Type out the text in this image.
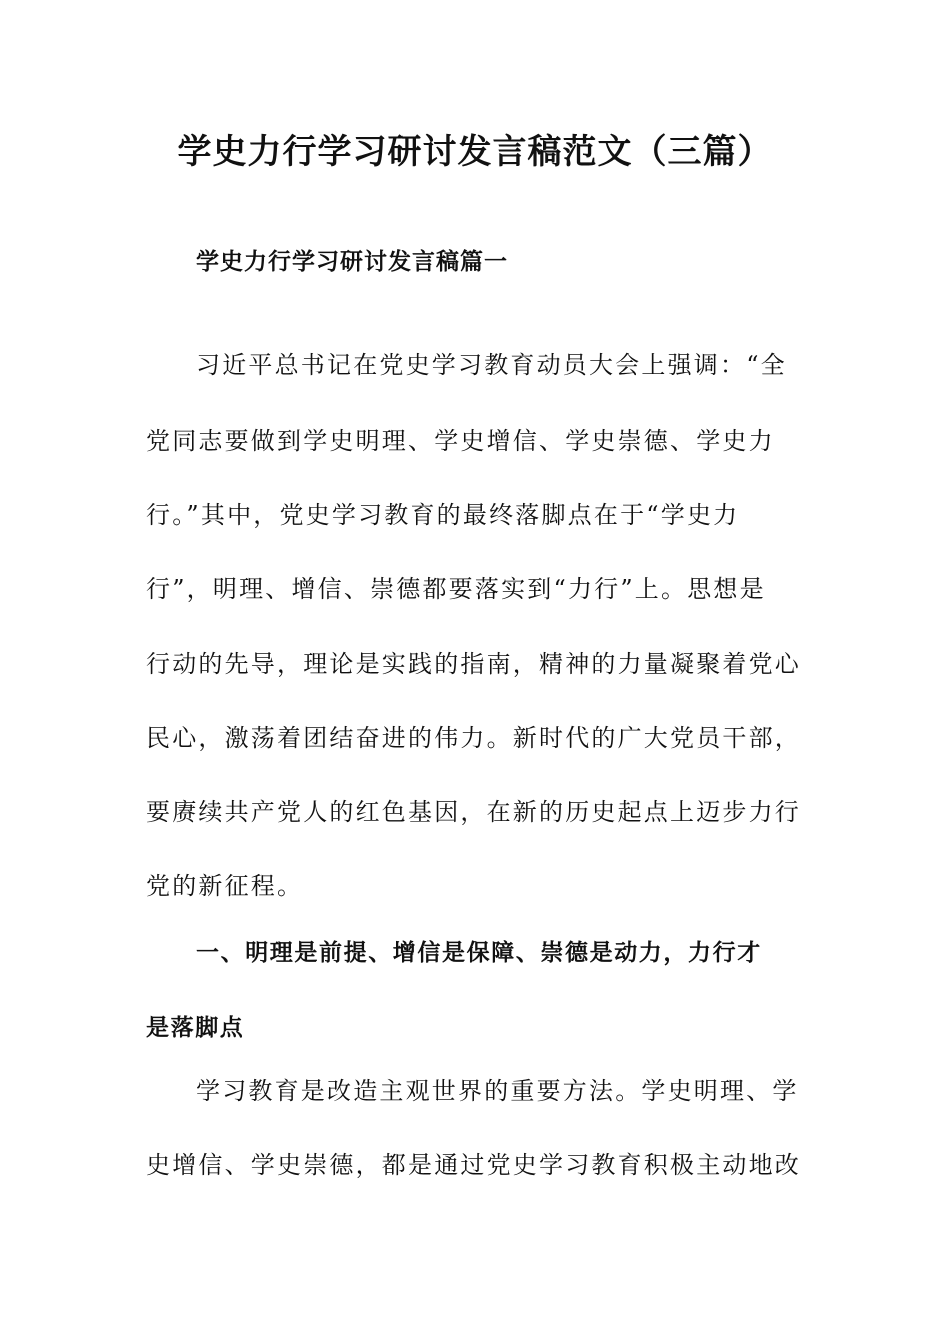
学史力行学习研讨发言稿范文（三篇）
学史力行学习研讨发言稿篇一
习近平总书记在党史学习教育动员大会上强调：“全
党同志要做到学史明理、学史增信、学史崇德、学史力
行。”其中，党史学习教育的最终落脚点在于“学史力
行”，明理、增信、崇德都要落实到“力行”上。思想是
行动的先导，理论是实践的指南，精神的力量凝聚着党心
民心，激荡着团结奋进的伟力。新时代的广大党员干部，
要赓续共产党人的红色基因，在新的历史起点上迈步力行
党的新征程。
一、明理是前提、增信是保障、崇德是动力，力行才
是落脚点
学习教育是改造主观世界的重要方法。学史明理、学
史增信、学史崇德，都是通过党史学习教育积极主动地改
